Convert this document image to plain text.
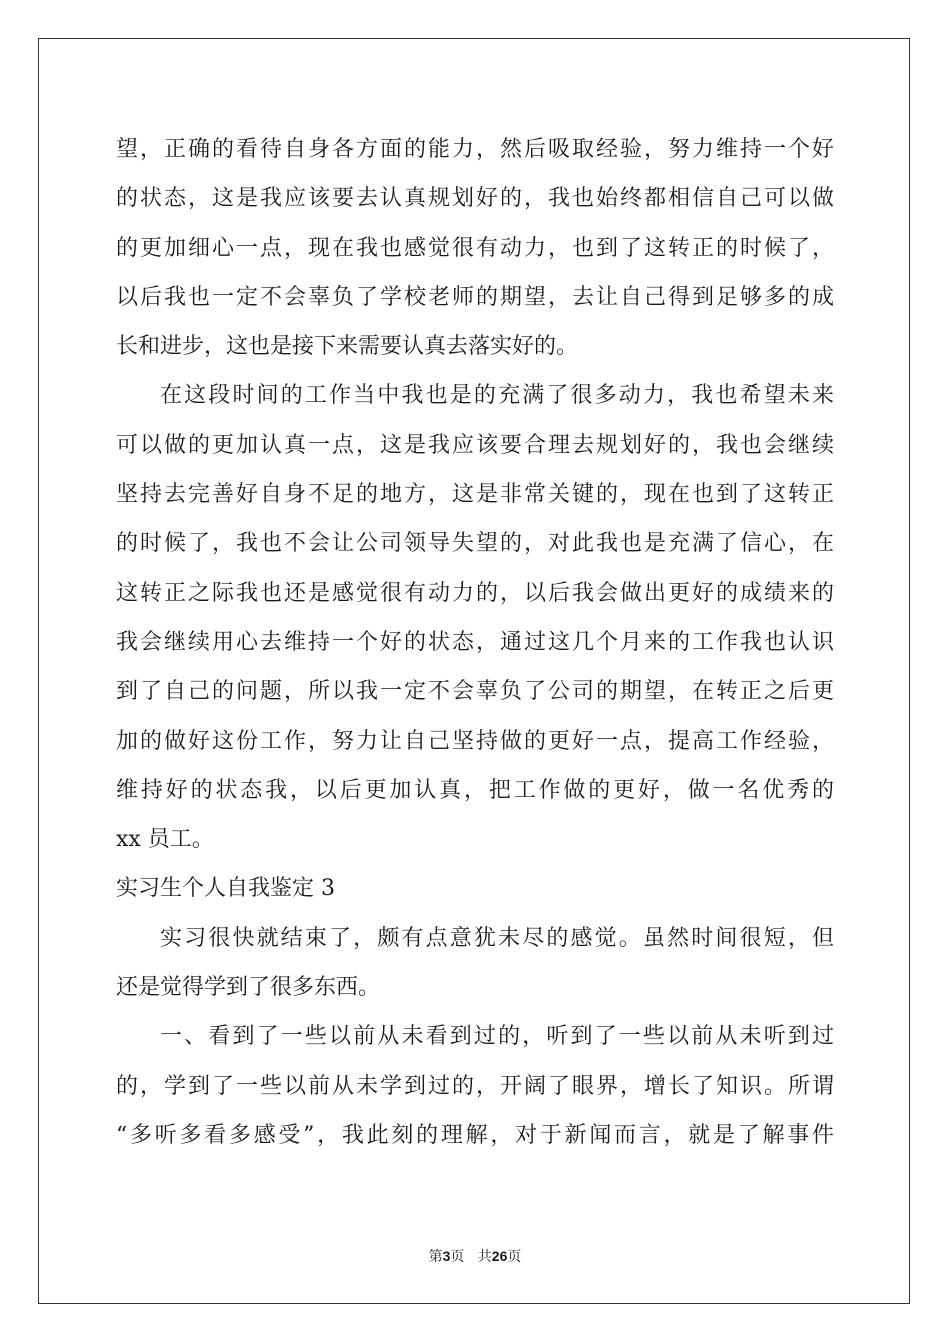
望，正确的看待自身各方面的能力，然后吸取经验，努力维持一个好
的状态，这是我应该要去认真规划好的，我也始终都相信自己可以做
的更加细心一点，现在我也感觉很有动力，也到了这转正的时候了，
以后我也一定不会辜负了学校老师的期望，去让自己得到足够多的成
长和进步，这也是接下来需要认真去落实好的。
在这段时间的工作当中我也是的充满了很多动力，我也希望未来
可以做的更加认真一点，这是我应该要合理去规划好的，我也会继续
坚持去完善好自身不足的地方，这是非常关键的，现在也到了这转正
的时候了，我也不会让公司领导失望的，对此我也是充满了信心，在
这转正之际我也还是感觉很有动力的，以后我会做出更好的成绩来的
我会继续用心去维持一个好的状态，通过这几个月来的工作我也认识
到了自己的问题，所以我一定不会辜负了公司的期望，在转正之后更
加的做好这份工作，努力让自己坚持做的更好一点，提高工作经验，
维持好的状态我，以后更加认真，把工作做的更好，做一名优秀的
xx 员工。
实习生个人自我鉴定 3
实习很快就结束了，颇有点意犹未尽的感觉。虽然时间很短，但
还是觉得学到了很多东西。
一、看到了一些以前从未看到过的，听到了一些以前从未听到过
的，学到了一些以前从未学到过的，开阔了眼界，增长了知识。所谓
“多听多看多感受”，我此刻的理解，对于新闻而言，就是了解事件
第3页 共26页
